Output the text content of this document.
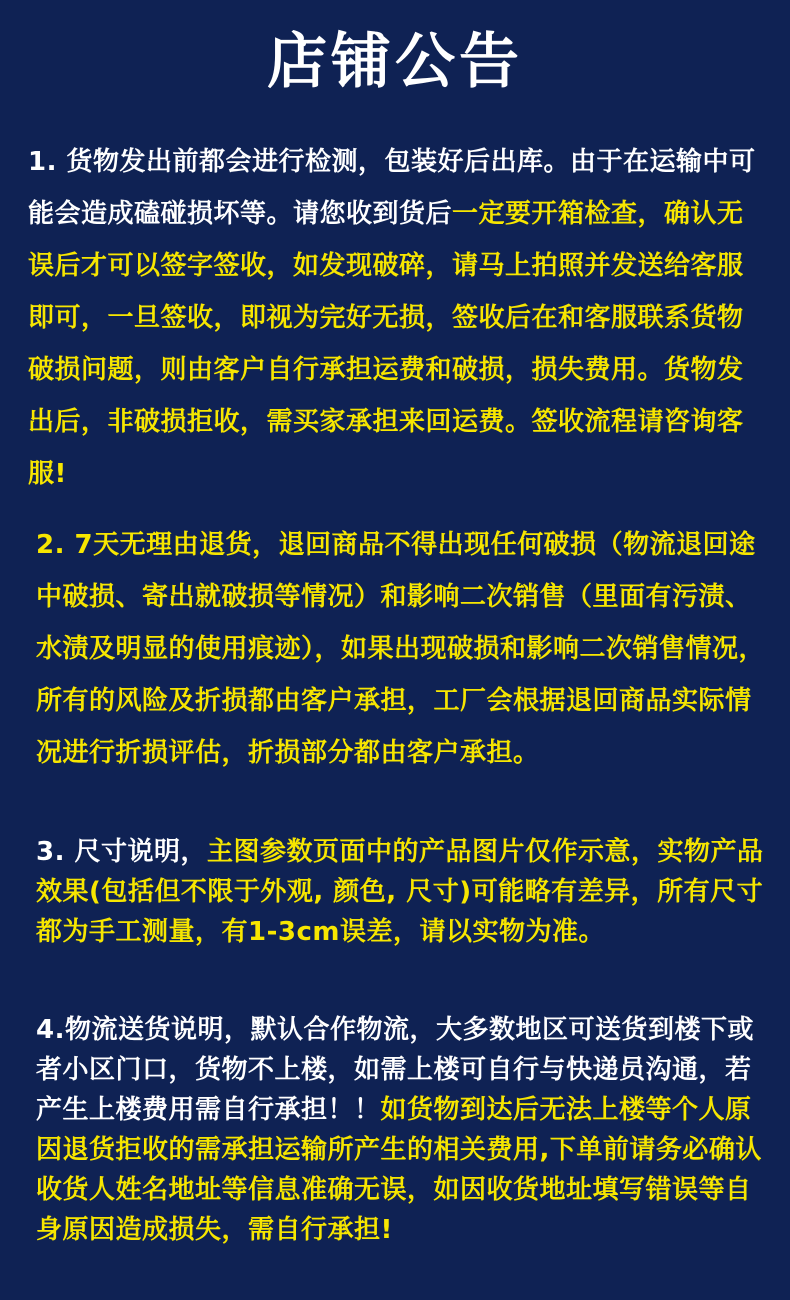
店铺公告
1. 货物发出前都会进行检测，包装好后出库。由于在运输中可能会造成磕碰损坏等。请您收到货后一定要开箱检查，确认无误后才可以签字签收，如发现破碎，请马上拍照并发送给客服即可，一旦签收，即视为完好无损，签收后在和客服联系货物破损问题，则由客户自行承担运费和破损，损失费用。货物发出后，非破损拒收，需买家承担来回运费。签收流程请咨询客服!
2. 7天无理由退货，退回商品不得出现任何破损（物流退回途中破损、寄出就破损等情况）和影响二次销售（里面有污渍、水渍及明显的使用痕迹），如果出现破损和影响二次销售情况，所有的风险及折损都由客户承担，工厂会根据退回商品实际情况进行折损评估，折损部分都由客户承担。
3. 尺寸说明，主图参数页面中的产品图片仅作示意，实物产品效果(包括但不限于外观, 颜色, 尺寸)可能略有差异，所有尺寸都为手工测量，有1-3cm误差，请以实物为准。
4.物流送货说明，默认合作物流，大多数地区可送货到楼下或者小区门口，货物不上楼，如需上楼可自行与快递员沟通，若产生上楼费用需自行承担！！如货物到达后无法上楼等个人原因退货拒收的需承担运输所产生的相关费用,下单前请务必确认收货人姓名地址等信息准确无误，如因收货地址填写错误等自身原因造成损失，需自行承担!
